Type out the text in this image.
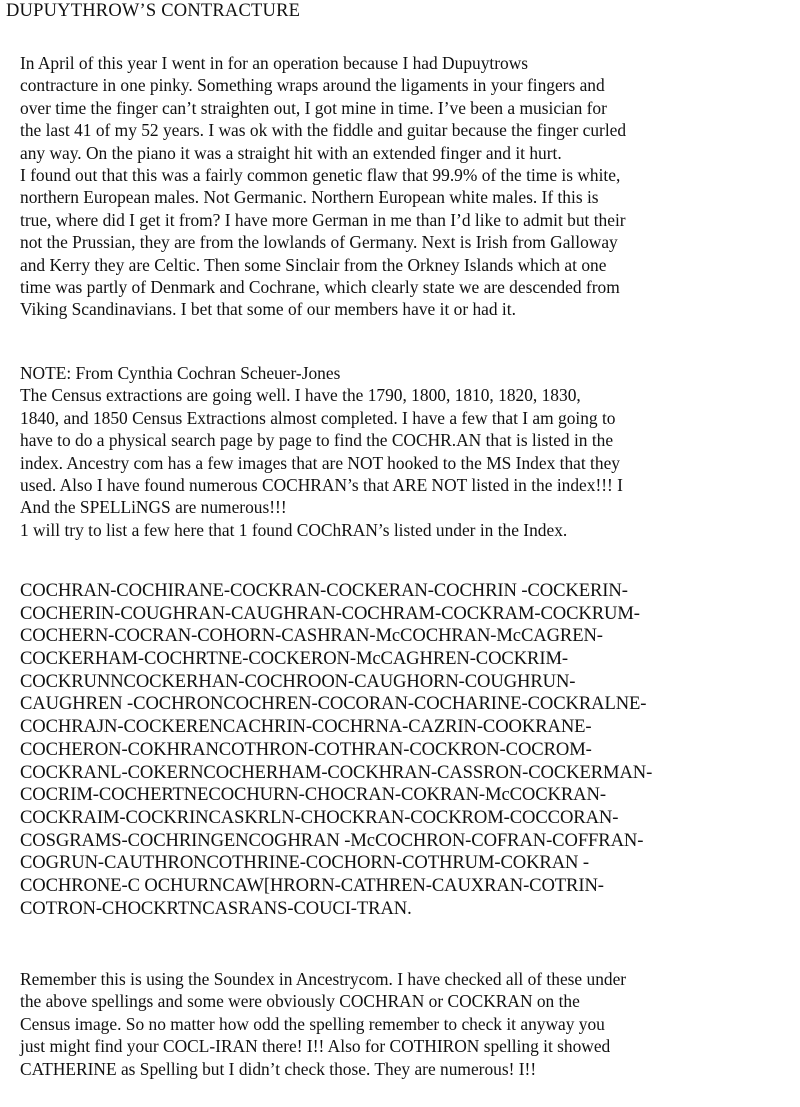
DUPUYTHROW’S CONTRACTURE
In April of this year I went in for an operation because I had Dupuytrows
contracture in one pinky. Something wraps around the ligaments in your fingers and
over time the finger can’t straighten out, I got mine in time. I’ve been a musician for
the last 41 of my 52 years. I was ok with the fiddle and guitar because the finger curled
any way. On the piano it was a straight hit with an extended finger and it hurt.
I found out that this was a fairly common genetic flaw that 99.9% of the time is white,
northern European males. Not Germanic. Northern European white males. If this is
true, where did I get it from? I have more German in me than I’d like to admit but their
not the Prussian, they are from the lowlands of Germany. Next is Irish from Galloway
and Kerry they are Celtic. Then some Sinclair from the Orkney Islands which at one
time was partly of Denmark and Cochrane, which clearly state we are descended from
Viking Scandinavians. I bet that some of our members have it or had it.
NOTE: From Cynthia Cochran Scheuer-Jones
The Census extractions are going well. I have the 1790, 1800, 1810, 1820, 1830,
1840, and 1850 Census Extractions almost completed. I have a few that I am going to
have to do a physical search page by page to find the COCHR.AN that is listed in the
index. Ancestry com has a few images that are NOT hooked to the MS Index that they
used. Also I have found numerous COCHRAN’s that ARE NOT listed in the index!!! I
And the SPELLiNGS are numerous!!!
1 will try to list a few here that 1 found COChRAN’s listed under in the Index.
COCHRAN-COCHIRANE-COCKRAN-COCKERAN-COCHRIN -COCKERIN-
COCHERIN-COUGHRAN-CAUGHRAN-COCHRAM-COCKRAM-COCKRUM-
COCHERN-COCRAN-COHORN-CASHRAN-McCOCHRAN-McCAGREN-
COCKERHAM-COCHRTNE-COCKERON-McCAGHREN-COCKRIM-
COCKRUNNCOCKERHAN-COCHROON-CAUGHORN-COUGHRUN-
CAUGHREN -COCHRONCOCHREN-COCORAN-COCHARINE-COCKRALNE-
COCHRAJN-COCKERENCACHRIN-COCHRNA-CAZRIN-COOKRANE-
COCHERON-COKHRANCOTHRON-COTHRAN-COCKRON-COCROM-
COCKRANL-COKERNCOCHERHAM-COCKHRAN-CASSRON-COCKERMAN-
COCRIM-COCHERTNECOCHURN-CHOCRAN-COKRAN-McCOCKRAN-
COCKRAIM-COCKRINCASKRLN-CHOCKRAN-COCKROM-COCCORAN-
COSGRAMS-COCHRINGENCOGHRAN -McCOCHRON-COFRAN-COFFRAN-
COGRUN-CAUTHRONCOTHRINE-COCHORN-COTHRUM-COKRAN -
COCHRONE-C OCHURNCAW[HRORN-CATHREN-CAUXRAN-COTRIN-
COTRON-CHOCKRTNCASRANS-COUCI-TRAN.
Remember this is using the Soundex in Ancestrycom. I have checked all of these under
the above spellings and some were obviously COCHRAN or COCKRAN on the
Census image. So no matter how odd the spelling remember to check it anyway you
just might find your COCL-IRAN there! I!! Also for COTHIRON spelling it showed
CATHERINE as Spelling but I didn’t check those. They are numerous! I!!
